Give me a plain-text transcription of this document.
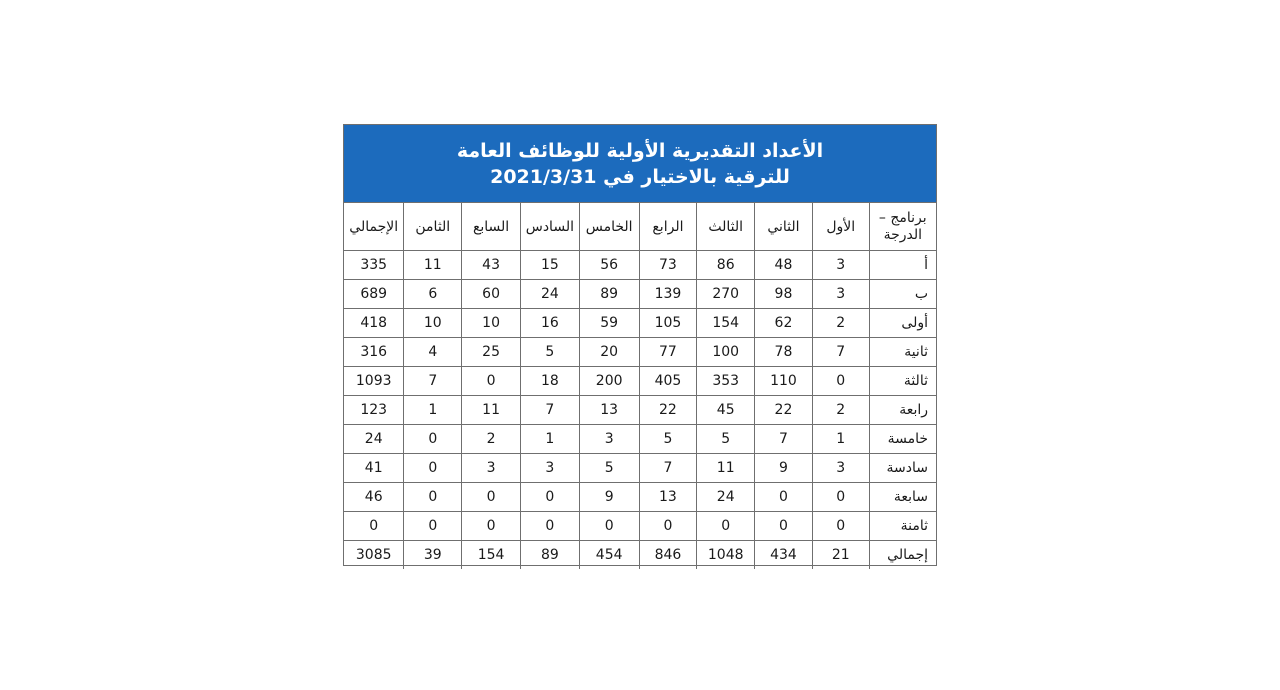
الأعداد التقديرية الأولية للوظائف العامة
للترقية بالاختيار في 2021/3/31
برنامج – الدرجة	الأول	الثاني	الثالث	الرابع	الخامس	السادس	السابع	الثامن	الإجمالي
أ	3	48	86	73	56	15	43	11	335
ب	3	98	270	139	89	24	60	6	689
أولى	2	62	154	105	59	16	10	10	418
ثانية	7	78	100	77	20	5	25	4	316
ثالثة	0	110	353	405	200	18	0	7	1093
رابعة	2	22	45	22	13	7	11	1	123
خامسة	1	7	5	5	3	1	2	0	24
سادسة	3	9	11	7	5	3	3	0	41
سابعة	0	0	24	13	9	0	0	0	46
ثامنة	0	0	0	0	0	0	0	0	0
إجمالي	21	434	1048	846	454	89	154	39	3085
